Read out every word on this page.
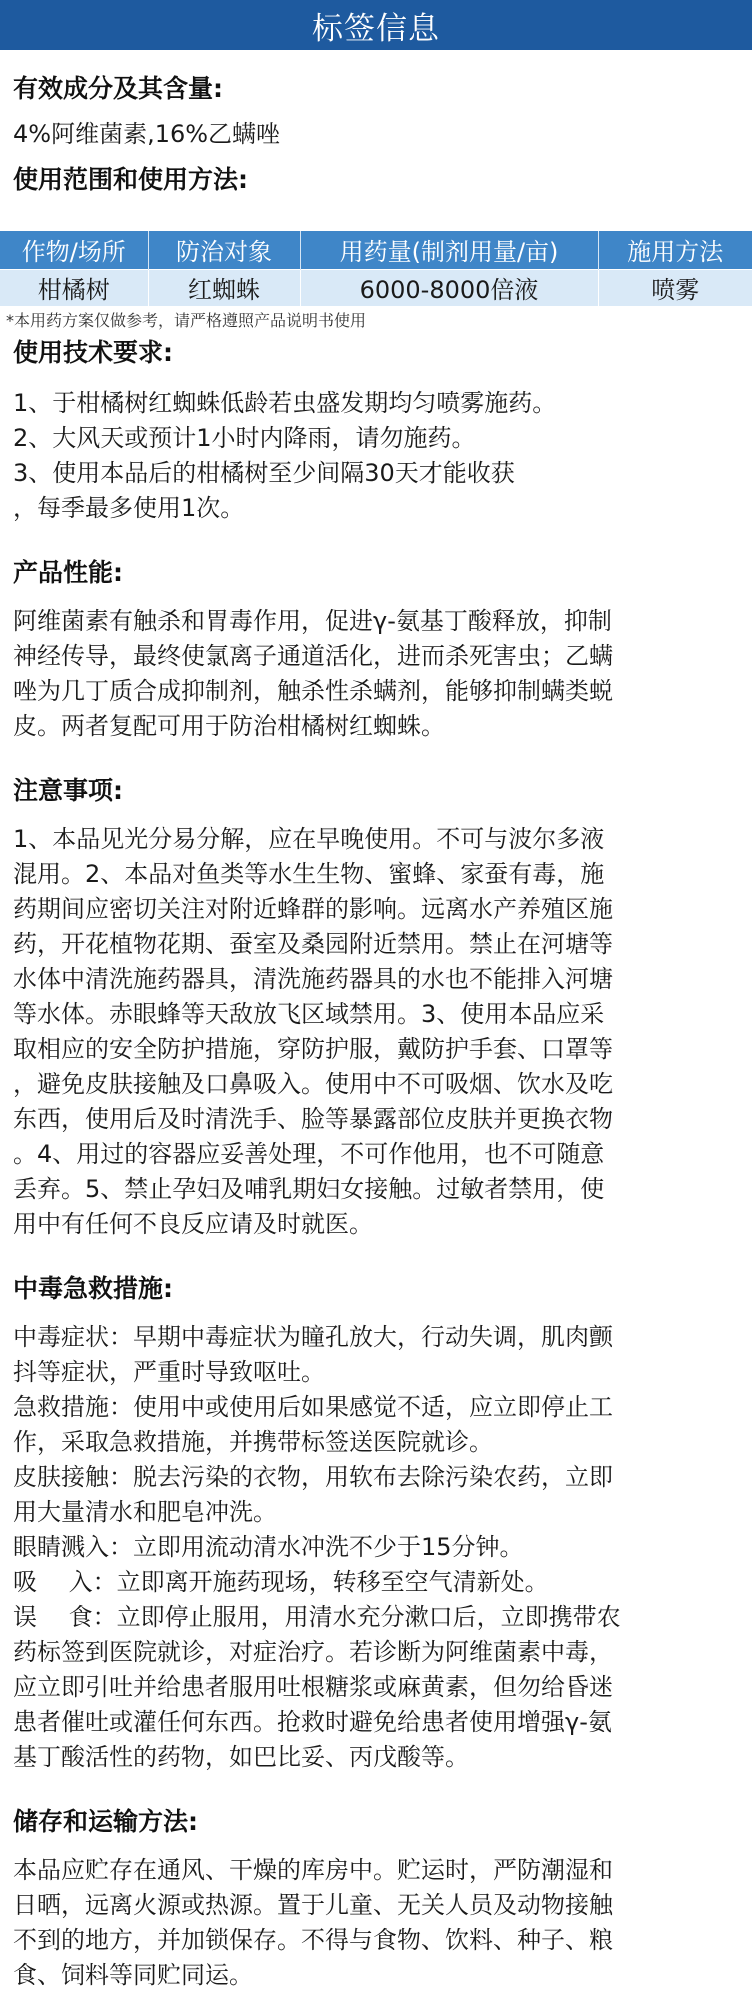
标签信息
有效成分及其含量:
4%阿维菌素,16%乙螨唑
使用范围和使用方法:
作物/场所	防治对象	用药量(制剂用量/亩)	施用方法
柑橘树	红蜘蛛	6000-8000倍液	喷雾
*本用药方案仅做参考，请严格遵照产品说明书使用
使用技术要求:
1、于柑橘树红蜘蛛低龄若虫盛发期均匀喷雾施药。
2、大风天或预计1小时内降雨，请勿施药。
3、使用本品后的柑橘树至少间隔30天才能收获
，每季最多使用1次。
产品性能:
阿维菌素有触杀和胃毒作用，促进γ-氨基丁酸释放，抑制
神经传导，最终使氯离子通道活化，进而杀死害虫；乙螨
唑为几丁质合成抑制剂，触杀性杀螨剂，能够抑制螨类蜕
皮。两者复配可用于防治柑橘树红蜘蛛。
注意事项:
1、本品见光分易分解，应在早晚使用。不可与波尔多液
混用。2、本品对鱼类等水生生物、蜜蜂、家蚕有毒，施
药期间应密切关注对附近蜂群的影响。远离水产养殖区施
药，开花植物花期、蚕室及桑园附近禁用。禁止在河塘等
水体中清洗施药器具，清洗施药器具的水也不能排入河塘
等水体。赤眼蜂等天敌放飞区域禁用。3、使用本品应采
取相应的安全防护措施，穿防护服，戴防护手套、口罩等
，避免皮肤接触及口鼻吸入。使用中不可吸烟、饮水及吃
东西，使用后及时清洗手、脸等暴露部位皮肤并更换衣物
。4、用过的容器应妥善处理，不可作他用，也不可随意
丢弃。5、禁止孕妇及哺乳期妇女接触。过敏者禁用，使
用中有任何不良反应请及时就医。
中毒急救措施:
中毒症状：早期中毒症状为瞳孔放大，行动失调，肌肉颤
抖等症状，严重时导致呕吐。
急救措施：使用中或使用后如果感觉不适，应立即停止工
作，采取急救措施，并携带标签送医院就诊。
皮肤接触：脱去污染的衣物，用软布去除污染农药，立即
用大量清水和肥皂冲洗。
眼睛溅入：立即用流动清水冲洗不少于15分钟。
吸　 入：立即离开施药现场，转移至空气清新处。
误　 食：立即停止服用，用清水充分漱口后，立即携带农
药标签到医院就诊，对症治疗。若诊断为阿维菌素中毒，
应立即引吐并给患者服用吐根糖浆或麻黄素，但勿给昏迷
患者催吐或灌任何东西。抢救时避免给患者使用增强γ-氨
基丁酸活性的药物，如巴比妥、丙戊酸等。
储存和运输方法:
本品应贮存在通风、干燥的库房中。贮运时，严防潮湿和
日晒，远离火源或热源。置于儿童、无关人员及动物接触
不到的地方，并加锁保存。不得与食物、饮料、种子、粮
食、饲料等同贮同运。
